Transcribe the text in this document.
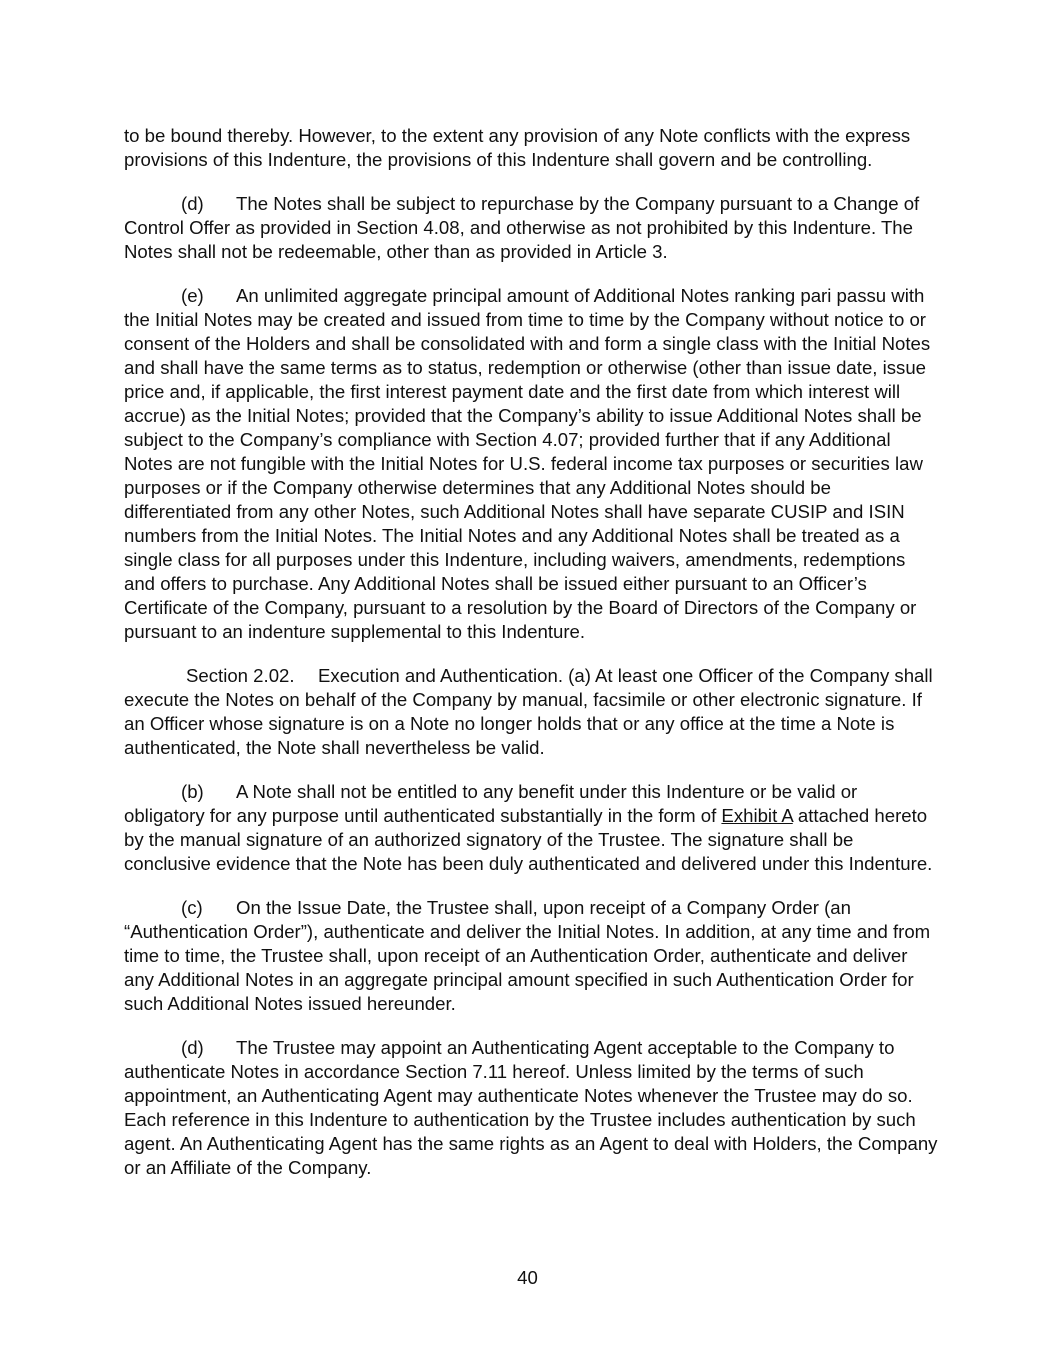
to be bound thereby. However, to the extent any provision of any Note conflicts with the express provisions of this Indenture, the provisions of this Indenture shall govern and be controlling.

(d) The Notes shall be subject to repurchase by the Company pursuant to a Change of Control Offer as provided in Section 4.08, and otherwise as not prohibited by this Indenture. The Notes shall not be redeemable, other than as provided in Article 3.

(e) An unlimited aggregate principal amount of Additional Notes ranking pari passu with the Initial Notes may be created and issued from time to time by the Company without notice to or consent of the Holders and shall be consolidated with and form a single class with the Initial Notes and shall have the same terms as to status, redemption or otherwise (other than issue date, issue price and, if applicable, the first interest payment date and the first date from which interest will accrue) as the Initial Notes; provided that the Company’s ability to issue Additional Notes shall be subject to the Company’s compliance with Section 4.07; provided further that if any Additional Notes are not fungible with the Initial Notes for U.S. federal income tax purposes or securities law purposes or if the Company otherwise determines that any Additional Notes should be differentiated from any other Notes, such Additional Notes shall have separate CUSIP and ISIN numbers from the Initial Notes. The Initial Notes and any Additional Notes shall be treated as a single class for all purposes under this Indenture, including waivers, amendments, redemptions and offers to purchase. Any Additional Notes shall be issued either pursuant to an Officer’s Certificate of the Company, pursuant to a resolution by the Board of Directors of the Company or pursuant to an indenture supplemental to this Indenture.

Section 2.02. Execution and Authentication. (a) At least one Officer of the Company shall execute the Notes on behalf of the Company by manual, facsimile or other electronic signature. If an Officer whose signature is on a Note no longer holds that or any office at the time a Note is authenticated, the Note shall nevertheless be valid.

(b) A Note shall not be entitled to any benefit under this Indenture or be valid or obligatory for any purpose until authenticated substantially in the form of Exhibit A attached hereto by the manual signature of an authorized signatory of the Trustee. The signature shall be conclusive evidence that the Note has been duly authenticated and delivered under this Indenture.

(c) On the Issue Date, the Trustee shall, upon receipt of a Company Order (an “Authentication Order”), authenticate and deliver the Initial Notes. In addition, at any time and from time to time, the Trustee shall, upon receipt of an Authentication Order, authenticate and deliver any Additional Notes in an aggregate principal amount specified in such Authentication Order for such Additional Notes issued hereunder.

(d) The Trustee may appoint an Authenticating Agent acceptable to the Company to authenticate Notes in accordance Section 7.11 hereof. Unless limited by the terms of such appointment, an Authenticating Agent may authenticate Notes whenever the Trustee may do so. Each reference in this Indenture to authentication by the Trustee includes authentication by such agent. An Authenticating Agent has the same rights as an Agent to deal with Holders, the Company or an Affiliate of the Company.

40
